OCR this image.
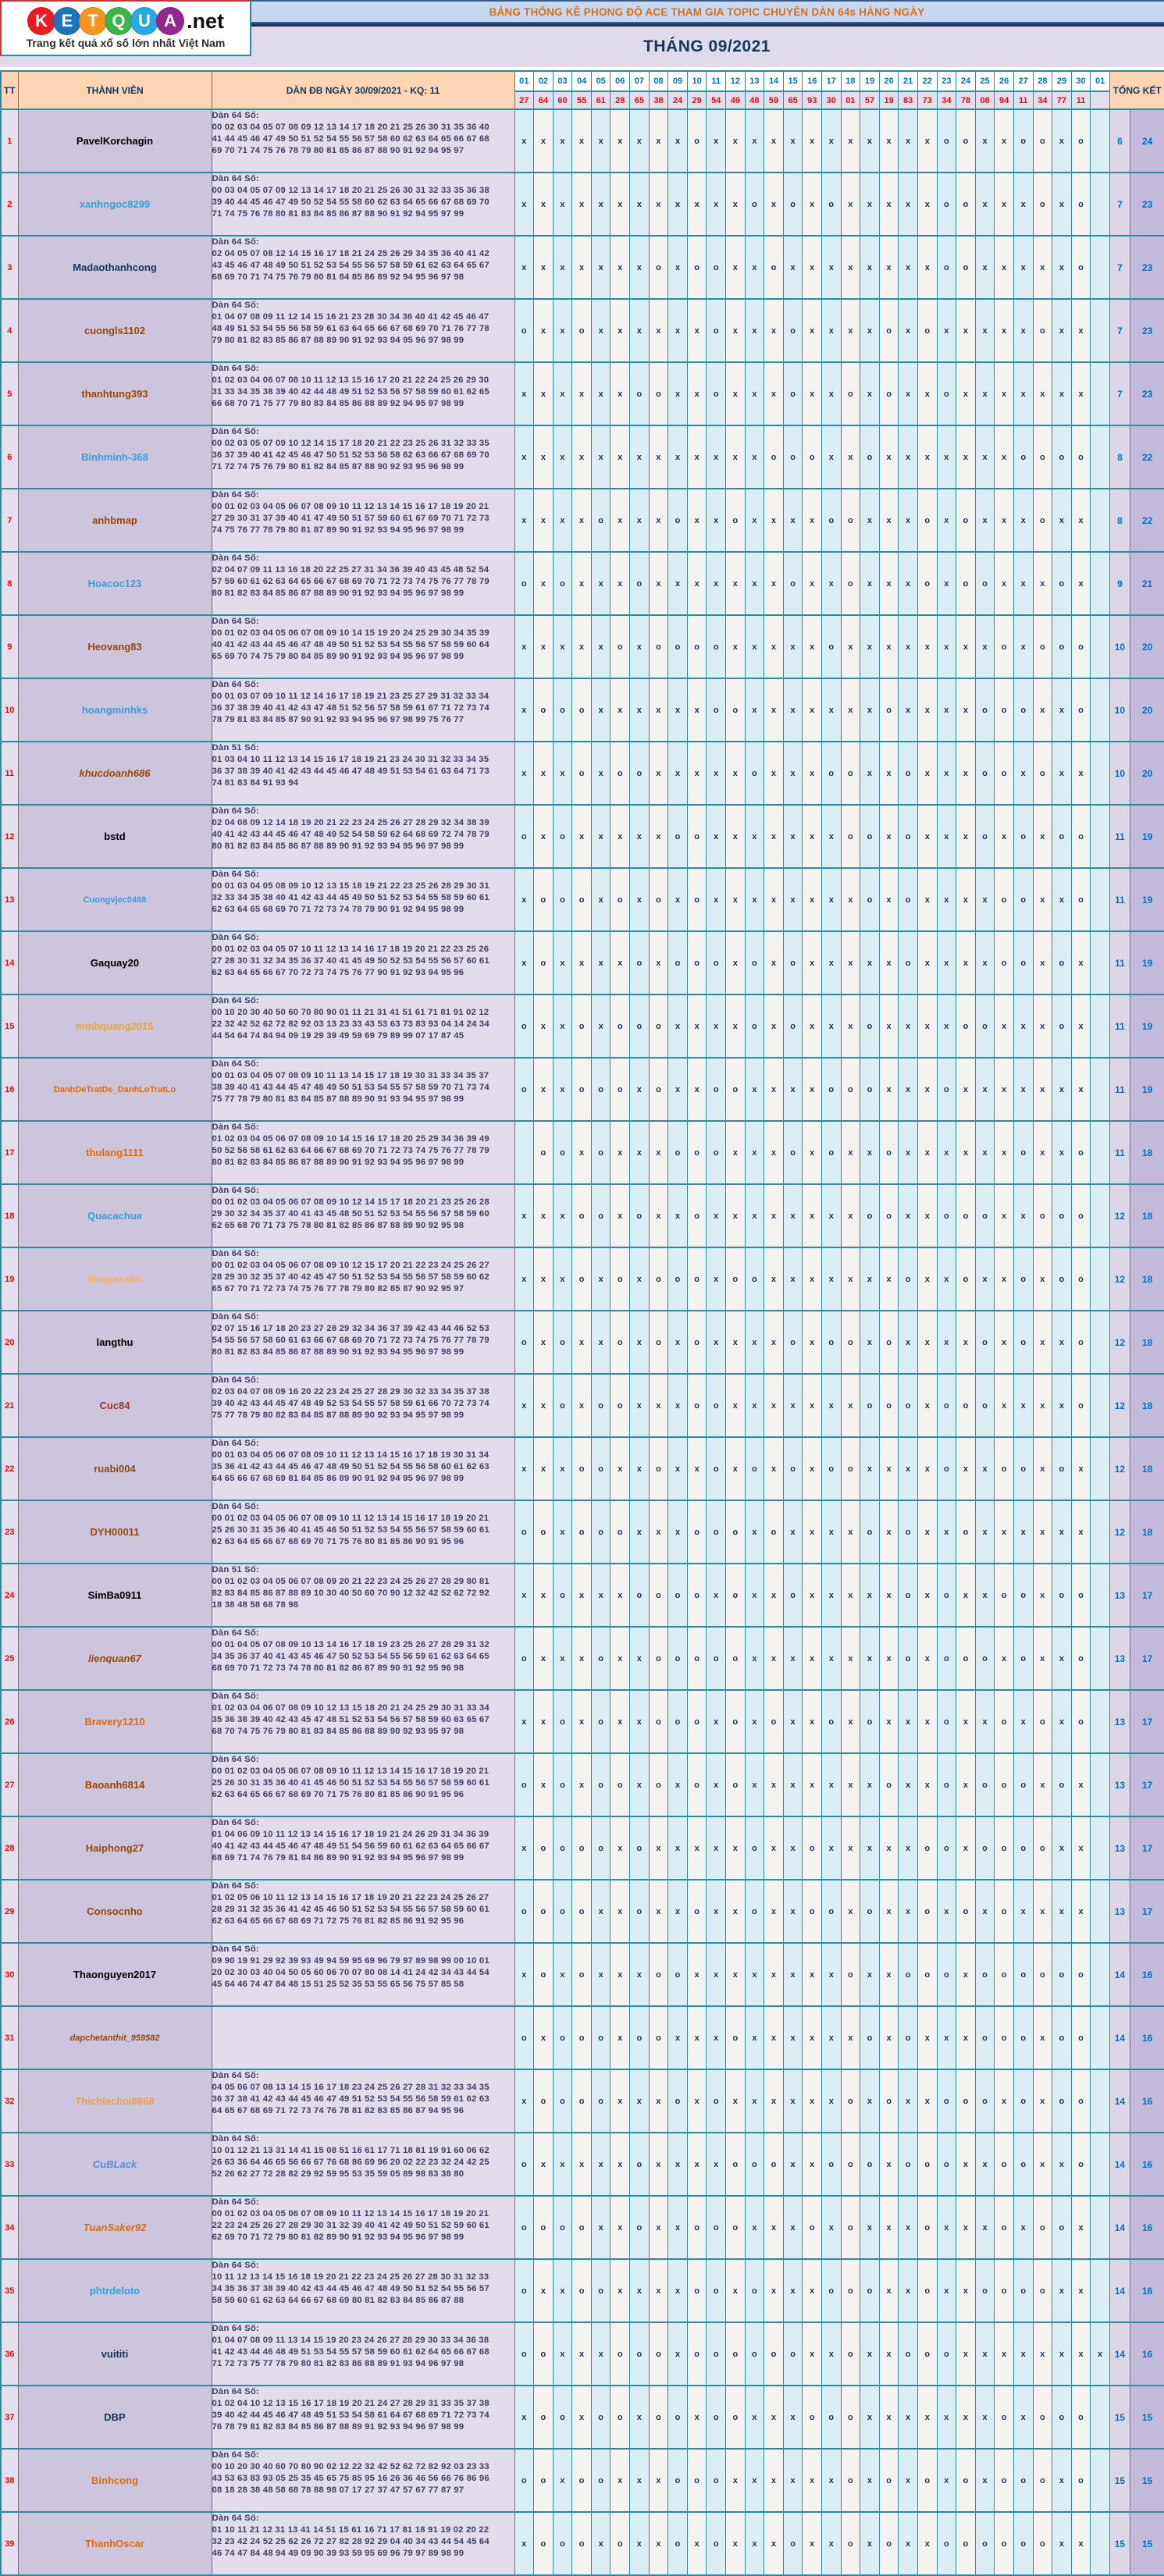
BẢNG THỐNG KÊ PHONG ĐỘ ACE THAM GIA TOPIC CHUYÊN DÀN 64s HÀNG NGÀY
THÁNG 09/2021
K E T Q U A .net
Trang kết quả xổ số lớn nhất Việt Nam
TT	THÀNH VIÊN	DÀN ĐB NGÀY 30/09/2021 - KQ: 11	01	02	03	04	05	06	07	08	09	10	11	12	13	14	15	16	17	18	19	20	21	22	23	24	25	26	27	28	29	30	01	TỔNG KẾT	
			27	64	60	55	61	28	65	38	24	29	54	49	48	59	65	93	30	01	57	19	83	73	34	78	08	94	11	34	77	11			
1	PavelKorchagin	Dàn 64 Số:
00 02 03 04 05 07 08 09 12 13 14 17 18 20 21 25 26 30 31 35 36 40
41 44 45 46 47 49 50 51 52 54 55 56 57 58 60 62 63 64 65 66 67 68
69 70 71 74 75 76 78 79 80 81 85 86 87 88 90 91 92 94 95 97	x	x	x	x	x	x	x	x	x	o	x	x	x	x	x	x	x	x	x	x	x	x	o	o	x	x	o	o	x	o		6	24
2	xanhngoc8299	Dàn 64 Số:
00 03 04 05 07 09 12 13 14 17 18 20 21 25 26 30 31 32 33 35 36 38
39 40 44 45 46 47 49 50 52 54 55 58 60 62 63 64 65 66 67 68 69 70
71 74 75 76 78 80 81 83 84 85 86 87 88 90 91 92 94 95 97 99	x	x	x	x	x	x	x	x	x	x	x	x	o	x	o	x	o	x	x	x	x	x	o	o	x	x	x	o	x	o		7	23
3	Madaothanhcong	Dàn 64 Số:
02 04 05 07 08 12 14 15 16 17 18 21 24 25 26 29 34 35 36 40 41 42
43 45 46 47 48 49 50 51 52 53 54 55 56 57 58 59 61 62 63 64 65 67
68 69 70 71 74 75 76 79 80 81 84 85 86 89 92 94 95 96 97 98	x	x	x	x	x	x	x	o	x	o	o	x	x	o	x	x	x	x	x	x	x	x	o	o	x	x	x	x	x	o		7	23
4	cuongls1102	Dàn 64 Số:
01 04 07 08 09 11 12 14 15 16 21 23 28 30 34 36 40 41 42 45 46 47
48 49 51 53 54 55 56 58 59 61 63 64 65 66 67 68 69 70 71 76 77 78
79 80 81 82 83 85 86 87 88 89 90 91 92 93 94 95 96 97 98 99	o	x	x	o	x	x	x	x	x	x	o	x	x	x	o	x	x	x	x	o	x	o	x	x	x	x	x	o	x	x		7	23
5	thanhtung393	Dàn 64 Số:
01 02 03 04 06 07 08 10 11 12 13 15 16 17 20 21 22 24 25 26 29 30
31 33 34 35 38 39 40 42 44 48 49 51 52 53 56 57 58 59 60 61 62 65
66 68 70 71 75 77 79 80 83 84 85 86 88 89 92 94 95 97 98 99	x	x	x	x	x	x	o	o	x	x	o	x	x	x	o	x	x	o	x	o	x	x	o	x	x	x	x	x	x	x		7	23
6	Binhminh-368	Dàn 64 Số:
00 02 03 05 07 09 10 12 14 15 17 18 20 21 22 23 25 26 31 32 33 35
36 37 39 40 41 42 45 46 47 50 51 52 53 56 58 62 63 66 67 68 69 70
71 72 74 75 76 79 80 81 82 84 85 87 88 90 92 93 95 96 98 99	x	x	x	x	x	x	x	x	x	x	x	x	x	o	o	o	x	x	o	x	x	x	x	x	x	x	o	o	o	o		8	22
7	anhbmap	Dàn 64 Số:
00 01 02 03 04 05 06 07 08 09 10 11 12 13 14 15 16 17 18 19 20 21
27 29 30 31 37 39 40 41 47 49 50 51 57 59 60 61 67 69 70 71 72 73
74 75 76 77 78 79 80 81 87 89 90 91 92 93 94 95 96 97 98 99	x	x	x	x	o	x	x	x	o	x	x	o	x	x	x	x	o	o	x	x	x	o	x	o	x	x	x	o	x	x		8	22
8	Hoacoc123	Dàn 64 Số:
02 04 07 09 11 13 16 18 20 22 25 27 31 34 36 39 40 43 45 48 52 54
57 59 60 61 62 63 64 65 66 67 68 69 70 71 72 73 74 75 76 77 78 79
80 81 82 83 84 85 86 87 88 89 90 91 92 93 94 95 96 97 98 99	o	x	o	x	x	x	o	x	x	x	x	x	x	x	o	x	x	o	x	x	x	o	x	o	o	x	x	x	o	x		9	21
9	Heovang83	Dàn 64 Số:
00 01 02 03 04 05 06 07 08 09 10 14 15 19 20 24 25 29 30 34 35 39
40 41 42 43 44 45 46 47 48 49 50 51 52 53 54 55 56 57 58 59 60 64
65 69 70 74 75 79 80 84 85 89 90 91 92 93 94 95 96 97 98 99	x	x	x	x	x	o	x	o	o	o	o	x	x	x	x	x	o	x	x	x	x	x	x	x	x	o	x	o	o	o		10	20
10	hoangminhks	Dàn 64 Số:
00 01 03 07 09 10 11 12 14 16 17 18 19 21 23 25 27 29 31 32 33 34
36 37 38 39 40 41 42 43 47 48 51 52 56 57 58 59 61 67 71 72 73 74
78 79 81 83 84 85 87 90 91 92 93 94 95 96 97 98 99 75 76 77	x	o	o	o	x	x	x	x	x	x	o	o	x	x	x	x	x	x	x	o	x	x	x	x	o	o	o	x	x	o		10	20
11	khucdoanh686	Dàn 51 Số:
01 03 04 10 11 12 13 14 15 16 17 18 19 21 23 24 30 31 32 33 34 35
36 37 38 39 40 41 42 43 44 45 46 47 48 49 51 53 54 61 63 64 71 73
74 81 83 84 91 93 94	x	x	x	o	x	o	o	x	x	x	x	x	o	x	x	x	o	o	x	x	o	x	x	x	o	o	x	o	x	x		10	20
12	bstd	Dàn 64 Số:
02 04 08 09 12 14 18 19 20 21 22 23 24 25 26 27 28 29 32 34 38 39
40 41 42 43 44 45 46 47 48 49 52 54 58 59 62 64 68 69 72 74 78 79
80 81 82 83 84 85 86 87 88 89 90 91 92 93 94 95 96 97 98 99	o	x	o	x	x	x	x	x	o	o	x	x	x	x	x	x	x	o	o	x	o	x	x	x	o	x	o	x	o	o		11	19
13	Cuongvjec0488	Dàn 64 Số:
00 01 03 04 05 08 09 10 12 13 15 18 19 21 22 23 25 26 28 29 30 31
32 33 34 35 38 40 41 42 43 44 45 49 50 51 52 53 54 55 58 59 60 61
62 63 64 65 68 69 70 71 72 73 74 78 79 90 91 92 94 95 98 99	x	o	o	o	x	o	x	o	x	o	x	x	x	x	x	x	x	x	o	x	o	x	x	x	x	o	o	x	x	o		11	19
14	Gaquay20	Dàn 64 Số:
00 01 02 03 04 05 07 10 11 12 13 14 16 17 18 19 20 21 22 23 25 26
27 28 30 31 32 34 35 36 37 40 41 45 49 50 52 53 54 55 56 57 60 61
62 63 64 65 66 67 70 72 73 74 75 76 77 90 91 92 93 94 95 96	x	o	x	x	x	x	o	x	o	o	o	x	o	x	o	x	x	x	x	x	o	x	x	x	x	o	o	x	o	x		11	19
15	minhquang2015	Dàn 64 Số:
00 10 20 30 40 50 60 70 80 90 01 11 21 31 41 51 61 71 81 91 02 12
22 32 42 52 62 72 82 92 03 13 23 33 43 53 63 73 83 93 04 14 24 34
44 54 64 74 84 94 09 19 29 39 49 59 69 79 89 99 07 17 87 45	o	x	x	o	x	o	o	o	x	x	x	x	o	x	o	x	x	x	o	x	x	x	x	o	o	x	x	x	o	x		11	19
16	DanhDeTratDe_DanhLoTratLo	Dàn 64 Số:
00 01 03 04 05 07 08 09 10 11 13 14 15 17 18 19 30 31 33 34 35 37
38 39 40 41 43 44 45 47 48 49 50 51 53 54 55 57 58 59 70 71 73 74
75 77 78 79 80 81 83 84 85 87 88 89 90 91 93 94 95 97 98 99	o	x	x	o	o	o	x	o	x	x	o	o	x	x	x	x	o	o	o	x	x	x	o	x	x	x	x	x	x	x		11	19
17	thulang1111	Dàn 64 Số:
01 02 03 04 05 06 07 08 09 10 14 15 16 17 18 20 25 29 34 36 39 49
50 52 56 58 61 62 63 64 66 67 68 69 70 71 72 73 74 75 76 77 78 79
80 81 82 83 84 85 86 87 88 89 90 91 92 93 94 95 96 97 98 99		o	o	x	o	x	x	x	o	o	o	x	x	x	o	x	o	x	x	o	x	x	x	x	x	x	o	x	x	o		11	18
18	Quacachua	Dàn 64 Số:
00 01 02 03 04 05 06 07 08 09 10 12 14 15 17 18 20 21 23 25 26 28
29 30 32 34 35 37 40 41 43 45 48 50 51 52 53 54 55 56 57 58 59 60
62 65 68 70 71 73 75 78 80 81 82 85 86 87 88 89 90 92 95 98	x	x	x	o	o	x	o	x	x	o	x	x	x	x	x	x	x	x	o	o	x	x	o	o	o	x	x	o	o	o		12	18
19	Naagasakii	Dàn 64 Số:
00 01 02 03 04 05 06 07 08 09 10 12 15 17 20 21 22 23 24 25 26 27
28 29 30 32 35 37 40 42 45 47 50 51 52 53 54 55 56 57 58 59 60 62
65 67 70 71 72 73 74 75 76 77 78 79 80 82 85 87 90 92 95 97	x	x	x	o	x	o	x	o	o	o	x	o	o	x	x	x	x	x	x	x	o	x	x	o	x	x	o	x	o	o		12	18
20	langthu	Dàn 64 Số:
02 07 15 16 17 18 20 23 27 28 29 32 34 36 37 39 42 43 44 46 52 53
54 55 56 57 58 60 61 63 66 67 68 69 70 71 72 73 74 75 76 77 78 79
80 81 82 83 84 85 86 87 88 89 90 91 92 93 94 95 96 97 98 99	o	x	o	x	x	o	x	o	x	o	x	x	x	x	o	x	o	o	x	o	x	x	x	x	o	x	o	x	x	o		12	18
21	Cuc84	Dàn 64 Số:
02 03 04 07 08 09 16 20 22 23 24 25 27 28 29 30 32 33 34 35 37 38
39 40 42 43 44 45 47 48 49 52 53 54 55 57 58 59 61 66 70 72 73 74
75 77 78 79 80 82 83 84 85 87 88 89 90 92 93 94 95 97 98 99	x	x	o	x	o	o	x	x	x	o	o	x	x	x	x	x	x	x	o	o	o	x	o	o	o	x	x	x	x	o		12	18
22	ruabi004	Dàn 64 Số:
00 01 03 04 05 06 07 08 09 10 11 12 13 14 15 16 17 18 19 30 31 34
35 36 41 42 43 44 45 46 47 48 49 50 51 52 54 55 56 58 60 61 62 63
64 65 66 67 68 69 81 84 85 86 89 90 91 92 94 95 96 97 98 99	x	x	x	o	o	x	x	o	x	x	o	x	o	x	o	x	o	o	x	x	x	x	o	x	x	o	o	x	o	x		12	18
23	DYH00011	Dàn 64 Số:
00 01 02 03 04 05 06 07 08 09 10 11 12 13 14 15 16 17 18 19 20 21
25 26 30 31 35 36 40 41 45 46 50 51 52 53 54 55 56 57 58 59 60 61
62 63 64 65 66 67 68 69 70 71 75 76 80 81 85 86 90 91 95 96	o	o	x	o	o	o	x	x	x	o	o	o	x	o	x	x	x	x	o	x	o	x	x	o	x	x	x	x	x	x		12	18
24	SimBa0911	Dàn 51 Số:
00 01 02 03 04 05 06 07 08 09 20 21 22 23 24 25 26 27 28 29 80 81
82 83 84 85 86 87 88 89 10 30 40 50 60 70 90 12 32 42 52 62 72 92
18 38 48 58 68 78 98	x	x	o	x	x	x	o	o	o	o	x	o	x	x	o	x	x	x	x	x	o	x	o	x	x	o	o	x	o	o		13	17
25	lienquan67	Dàn 64 Số:
00 01 04 05 07 08 09 10 13 14 16 17 18 19 23 25 26 27 28 29 31 32
34 35 36 37 40 41 43 45 46 47 50 52 53 54 55 56 59 61 62 63 64 65
68 69 70 71 72 73 74 78 80 81 82 86 87 89 90 91 92 95 96 98	o	x	x	x	o	x	x	o	o	o	o	o	x	x	x	x	x	x	x	x	o	x	o	o	o	x	o	x	x	o		13	17
26	Bravery1210	Dàn 64 Số:
01 02 03 04 06 07 08 09 10 12 13 15 18 20 21 24 25 29 30 31 33 34
35 36 38 39 40 42 43 45 47 48 51 52 53 54 56 57 58 59 60 63 65 67
68 70 74 75 76 79 80 81 83 84 85 86 88 89 90 92 93 95 97 98	x	x	o	x	o	x	x	o	o	o	x	o	x	o	x	x	o	x	o	x	x	x	o	x	x	o	x	o	x	o		13	17
27	Baoanh6814	Dàn 64 Số:
00 01 02 03 04 05 06 07 08 09 10 11 12 13 14 15 16 17 18 19 20 21
25 26 30 31 35 36 40 41 45 46 50 51 52 53 54 55 56 57 58 59 60 61
62 63 64 65 66 67 68 69 70 71 75 76 80 81 85 86 90 91 95 96	o	x	o	x	o	o	x	o	x	o	x	o	x	x	x	x	x	x	x	o	x	x	o	x	o	o	o	x	o	x		13	17
28	Haiphong27	Dàn 64 Số:
01 04 06 09 10 11 12 13 14 15 16 17 18 19 21 24 26 29 31 34 36 39
40 41 42 43 44 45 46 47 48 49 51 54 56 59 60 61 62 63 64 65 66 67
68 69 71 74 76 79 81 84 86 89 90 91 92 93 94 95 96 97 98 99	x	o	o	o	o	x	o	x	x	x	x	x	o	x	x	o	x	x	x	x	x	o	o	x	o	o	o	o	x	x		13	17
29	Consocnho	Dàn 64 Số:
01 02 05 06 10 11 12 13 14 15 16 17 18 19 20 21 22 23 24 25 26 27
28 29 31 32 35 36 41 42 45 46 50 51 52 53 54 55 56 57 58 59 60 61
62 63 64 65 66 67 68 69 71 72 75 76 81 82 85 86 91 92 95 96	o	o	o	o	x	x	o	x	x	o	x	x	o	x	x	o	o	x	o	x	x	o	x	o	x	o	x	x	x	x		13	17
30	Thaonguyen2017	Dàn 64 Số:
09 90 19 91 29 92 39 93 49 94 59 95 69 96 79 97 89 98 99 00 10 01
20 02 30 03 40 04 50 05 60 06 70 07 80 08 14 41 24 42 34 43 44 54
45 64 46 74 47 84 48 15 51 25 52 35 53 55 65 56 75 57 85 58	x	o	x	o	x	x	x	o	o	x	x	x	x	x	x	x	x	o	x	x	o	o	o	x	o	o	o	o	o	o		14	16
31	dapchetanthit_959582		o	x	o	o	o	x	o	o	x	x	x	o	x	x	x	x	x	x	o	x	o	x	x	x	o	o	o	x	o	o		14	16
32	Thichlachoi8868	Dàn 64 Số:
04 05 06 07 08 13 14 15 16 17 18 23 24 25 26 27 28 31 32 33 34 35
36 37 38 41 42 43 44 45 46 47 49 51 52 53 54 55 56 58 59 61 62 63
64 65 67 68 69 71 72 73 74 76 78 81 82 83 85 86 87 94 95 96	x	o	o	o	o	x	x	x	o	x	o	x	x	x	x	x	x	o	x	o	x	x	o	o	o	x	o	x	o	o		14	16
33	CuBLack	Dàn 64 Số:
10 01 12 21 13 31 14 41 15 08 51 16 61 17 71 18 81 19 91 60 06 62
26 63 36 64 46 65 56 66 67 76 68 86 69 96 20 02 22 23 32 24 42 25
52 26 62 27 72 28 82 29 92 59 95 53 35 59 05 89 98 83 38 80	o	x	x	x	x	x	o	x	x	x	x	o	o	o	x	x	o	o	o	x	o	o	o	x	x	o	o	x	x	o		14	16
34	TuanSaker92	Dàn 64 Số:
00 01 02 03 04 05 06 07 08 09 10 11 12 13 14 15 16 17 18 19 20 21
22 23 24 25 26 27 28 29 30 31 32 39 40 41 42 49 50 51 52 59 60 61
62 69 70 71 72 79 80 81 82 89 90 91 92 93 94 95 96 97 98 99	o	o	o	o	x	x	o	x	x	o	o	o	x	x	x	o	x	o	x	x	x	o	x	x	x	o	x	o	o	x		14	16
35	phtrdeloto	Dàn 64 Số:
10 11 12 13 14 15 16 18 19 20 21 22 23 24 25 26 27 28 30 31 32 33
34 35 36 37 38 39 40 42 43 44 45 46 47 48 49 50 51 52 54 55 56 57
58 59 60 61 62 63 64 66 67 68 69 80 81 82 83 84 85 86 87 88	o	x	x	o	o	x	x	x	x	o	o	x	o	x	x	x	o	o	o	x	x	o	x	x	o	o	o	o	x	x		14	16
36	vuititi	Dàn 64 Số:
01 04 07 08 09 11 13 14 15 19 20 23 24 26 27 28 29 30 33 34 36 38
41 42 43 44 46 48 49 51 53 54 55 57 58 59 60 61 62 64 65 66 67 68
71 72 73 75 77 78 79 80 81 82 83 86 88 89 91 93 94 96 97 98	o	o	x	x	x	o	o	o	x	o	o	o	o	o	o	x	x	o	x	x	o	o	o	x	x	x	x	x	x	x	x	14	16
37	DBP	Dàn 64 Số:
01 02 04 10 12 13 15 16 17 18 19 20 21 24 27 28 29 31 33 35 37 38
39 40 42 44 45 46 47 48 49 51 53 54 58 61 64 67 68 69 71 72 73 74
76 78 79 81 82 83 84 85 86 87 88 89 91 92 93 94 96 97 98 99	x	o	o	x	o	o	x	o	o	x	o	o	x	x	x	o	o	o	x	x	x	x	x	x	x	o	x	o	o	o		15	15
38	Binhcong	Dàn 64 Số:
00 10 20 30 40 60 70 80 90 02 12 22 32 42 52 62 72 82 92 03 23 33
43 53 63 83 93 05 25 35 45 65 75 85 95 16 26 36 46 56 66 76 86 96
08 18 28 38 48 58 68 78 88 98 07 17 27 37 47 57 67 77 87 97	o	o	x	o	o	x	x	x	o	o	o	x	x	x	x	x	x	o	x	o	x	o	x	o	x	o	o	o	x	o		15	15
39	ThanhOscar	Dàn 64 Số:
01 10 11 21 12 31 13 41 14 51 15 61 16 71 17 81 18 91 19 02 20 22
32 23 42 24 52 25 62 26 72 27 82 28 92 29 04 40 34 43 44 54 45 64
46 74 47 84 48 94 49 09 90 39 93 59 95 69 96 79 97 89 98 99	x	o	o	o	x	o	x	x	o	x	o	x	x	x	o	x	x	o	x	o	x	x	o	o	o	o	o	o	x	x		15	15
